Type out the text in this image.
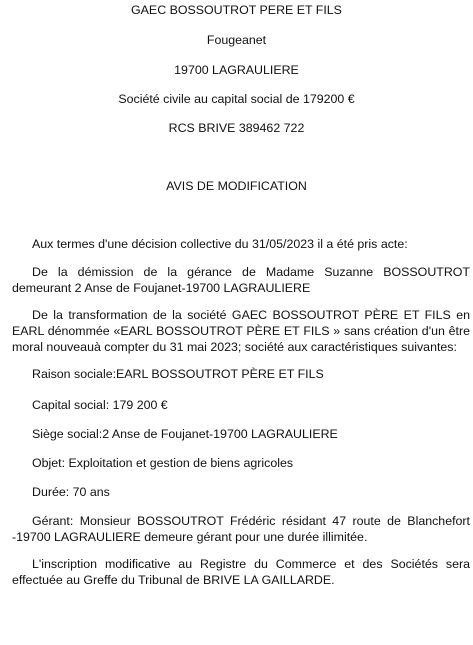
GAEC BOSSOUTROT PERE ET FILS
Fougeanet
19700 LAGRAULIERE
Société civile au capital social de 179200 €
RCS BRIVE 389462 722
AVIS DE MODIFICATION
Aux termes d'une décision collective du 31/05/2023 il a été pris acte:
De la démission de la gérance de Madame Suzanne BOSSOUTROT demeurant 2 Anse de Foujanet-19700 LAGRAULIERE
De la transformation de la société GAEC BOSSOUTROT PÈRE ET FILS en EARL dénommée «EARL BOSSOUTROT PÈRE ET FILS » sans création d'un être moral nouveauà compter du 31 mai 2023; société aux caractéristiques suivantes:
Raison sociale:EARL BOSSOUTROT PÈRE ET FILS
Capital social: 179 200 €
Siège social:2 Anse de Foujanet-19700 LAGRAULIERE
Objet: Exploitation et gestion de biens agricoles
Durée: 70 ans
Gérant: Monsieur BOSSOUTROT Frédéric résidant 47 route de Blanchefort -19700 LAGRAULIERE demeure gérant pour une durée illimitée.
L'inscription modificative au Registre du Commerce et des Sociétés sera effectuée au Greffe du Tribunal de BRIVE LA GAILLARDE.
